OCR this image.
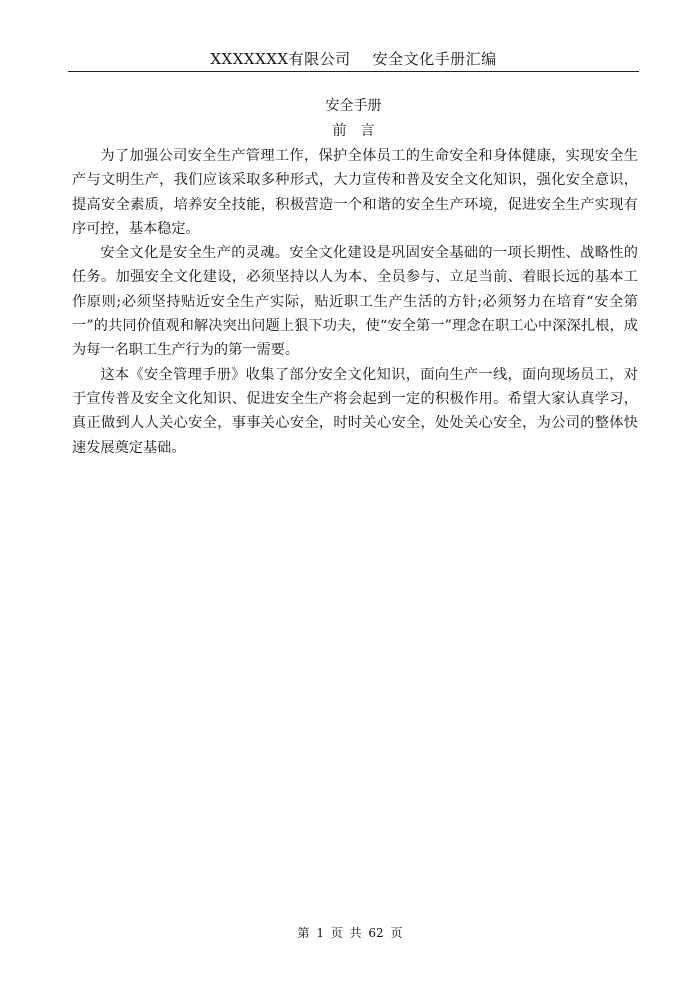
XXXXXXX有限公司 安全文化手册汇编
安全手册
前言

为了加强公司安全生产管理工作，保护全体员工的生命安全和身体健康，实现安全生产与文明生产，我们应该采取多种形式，大力宣传和普及安全文化知识，强化安全意识，提高安全素质，培养安全技能，积极营造一个和谐的安全生产环境，促进安全生产实现有序可控，基本稳定。

安全文化是安全生产的灵魂。安全文化建设是巩固安全基础的一项长期性、战略性的任务。加强安全文化建设，必须坚持以人为本、全员参与、立足当前、着眼长远的基本工作原则;必须坚持贴近安全生产实际，贴近职工生产生活的方针;必须努力在培育“安全第一”的共同价值观和解决突出问题上狠下功夫，使“安全第一”理念在职工心中深深扎根，成为每一名职工生产行为的第一需要。

这本《安全管理手册》收集了部分安全文化知识，面向生产一线，面向现场员工，对于宣传普及安全文化知识、促进安全生产将会起到一定的积极作用。希望大家认真学习，真正做到人人关心安全，事事关心安全，时时关心安全，处处关心安全，为公司的整体快速发展奠定基础。

第 1 页 共 62 页
